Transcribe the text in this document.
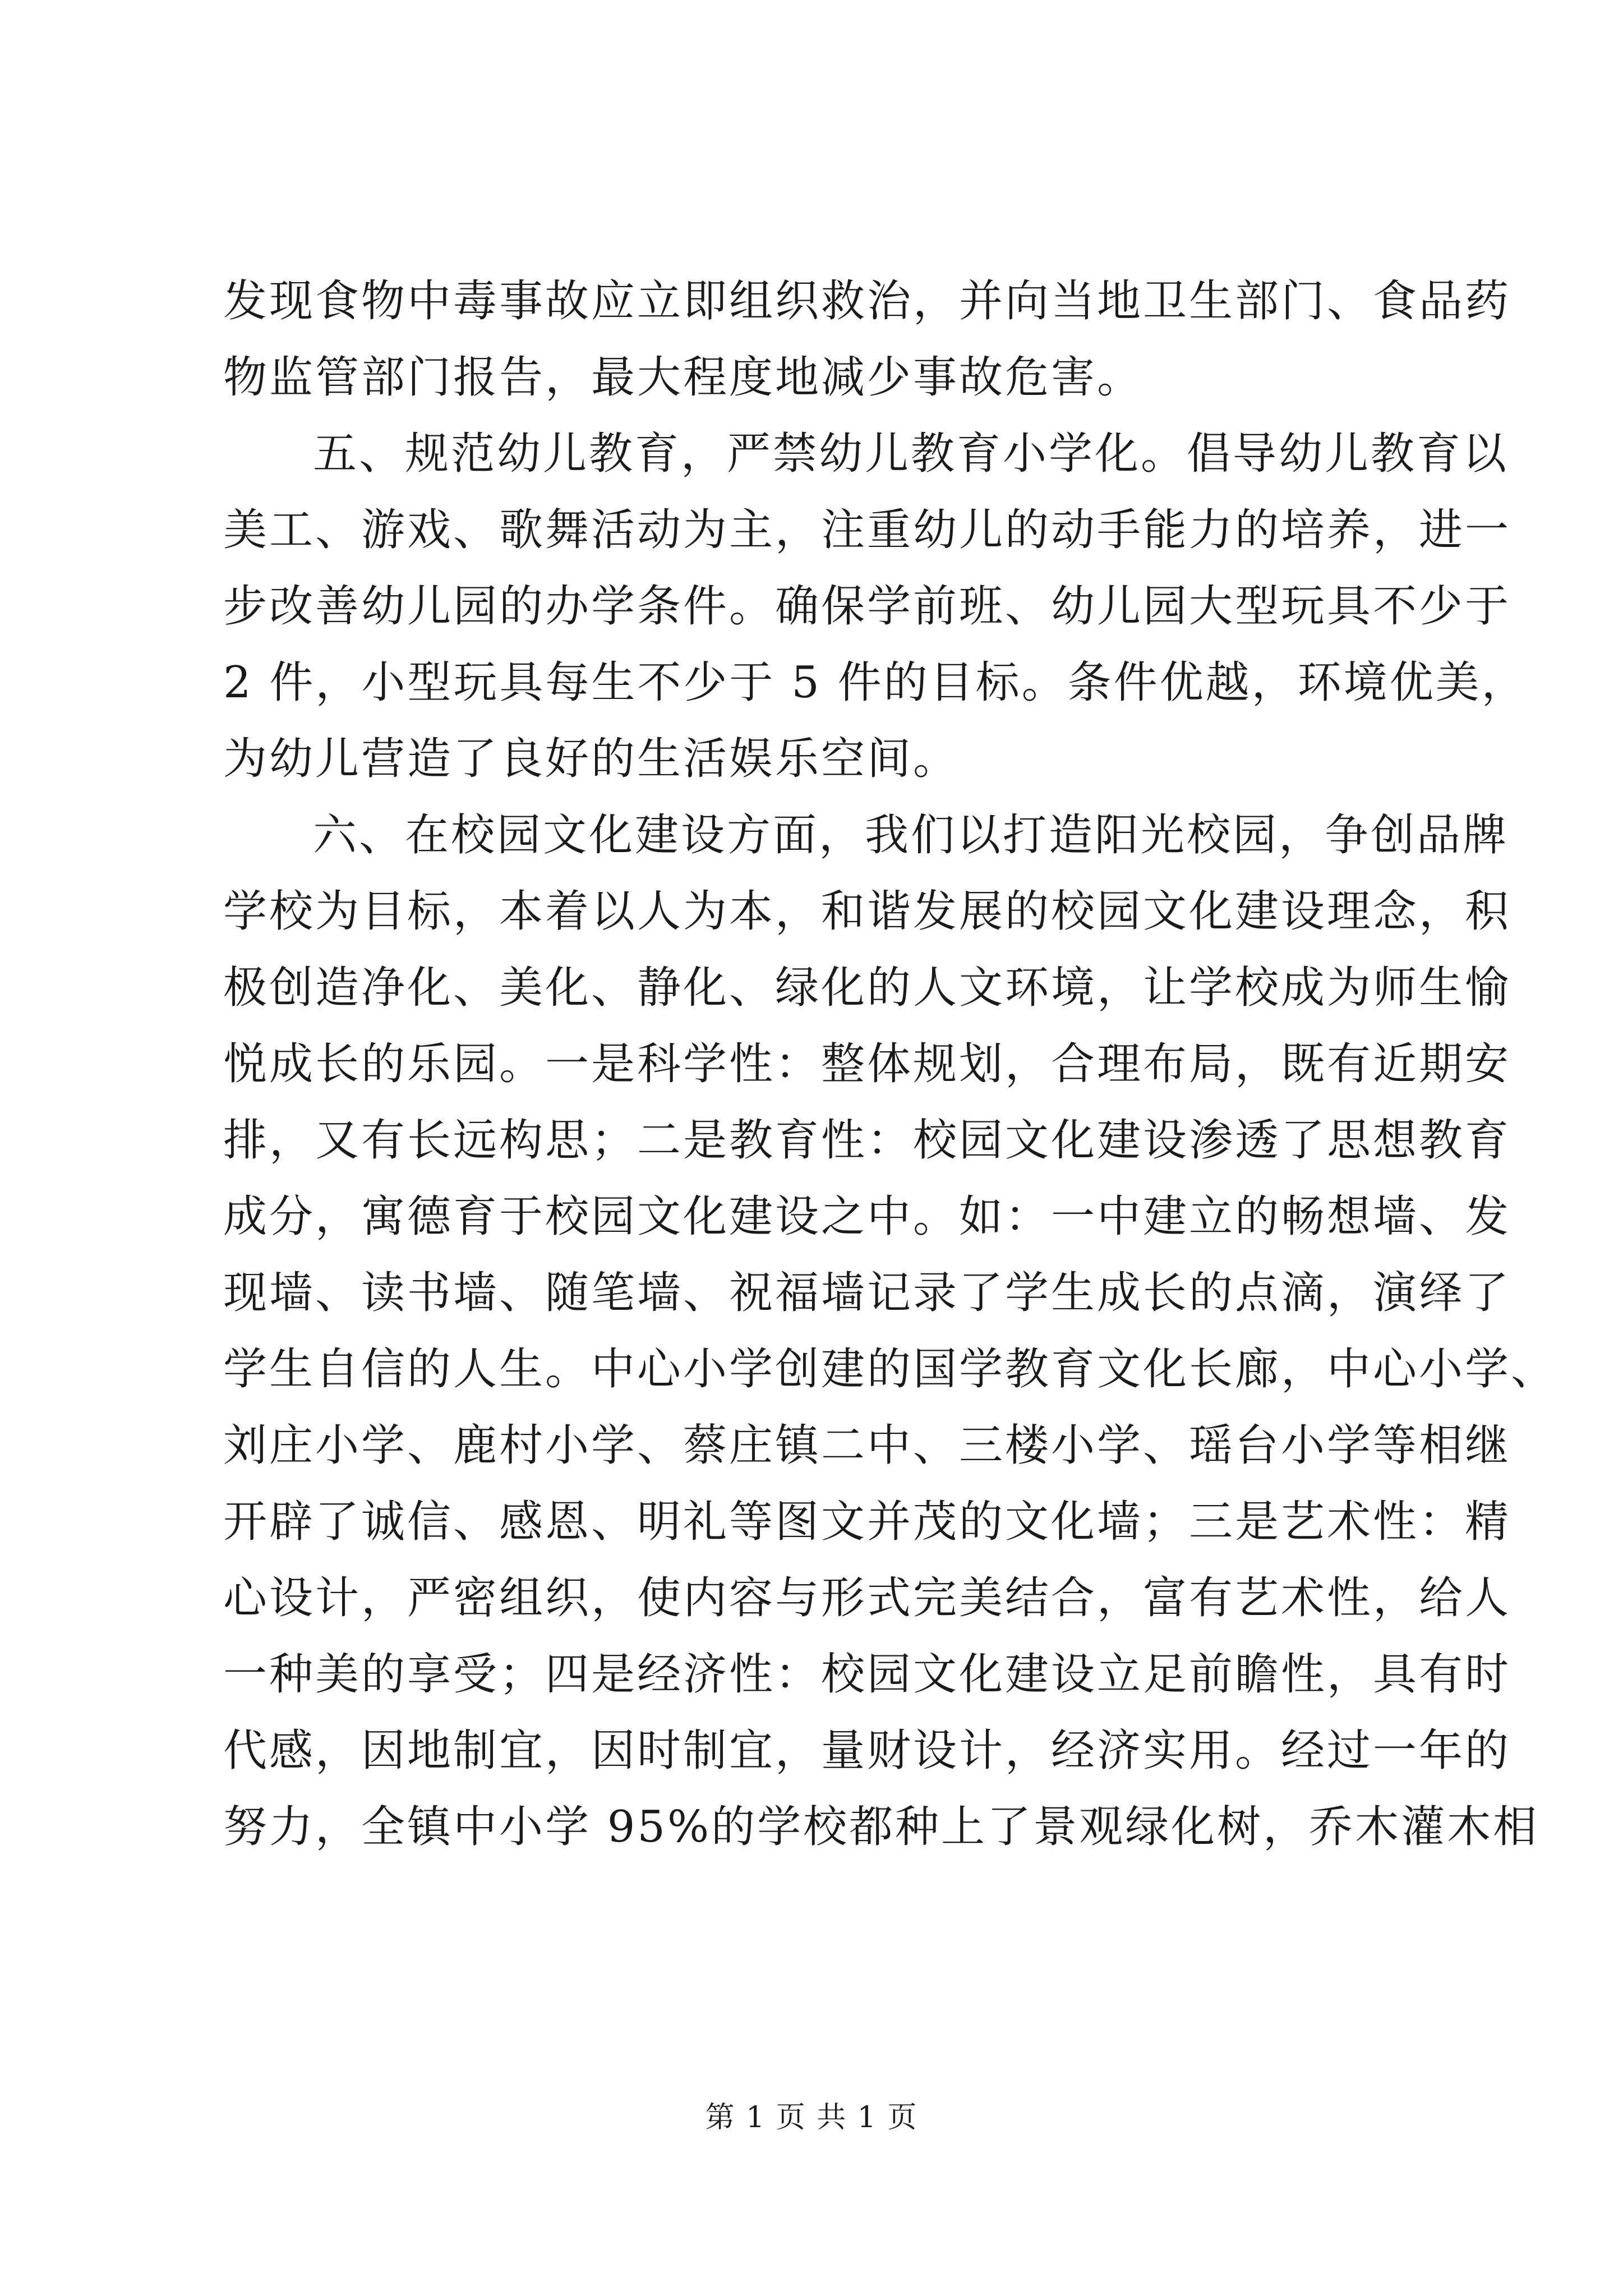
发现食物中毒事故应立即组织救治，并向当地卫生部门、食品药
物监管部门报告，最大程度地减少事故危害。
五、规范幼儿教育，严禁幼儿教育小学化。倡导幼儿教育以
美工、游戏、歌舞活动为主，注重幼儿的动手能力的培养，进一
步改善幼儿园的办学条件。确保学前班、幼儿园大型玩具不少于
2 件，小型玩具每生不少于 5 件的目标。条件优越，环境优美，
为幼儿营造了良好的生活娱乐空间。
六、在校园文化建设方面，我们以打造阳光校园，争创品牌
学校为目标，本着以人为本，和谐发展的校园文化建设理念，积
极创造净化、美化、静化、绿化的人文环境，让学校成为师生愉
悦成长的乐园。一是科学性：整体规划，合理布局，既有近期安
排，又有长远构思；二是教育性：校园文化建设渗透了思想教育
成分，寓德育于校园文化建设之中。如：一中建立的畅想墙、发
现墙、读书墙、随笔墙、祝福墙记录了学生成长的点滴，演绎了
学生自信的人生。中心小学创建的国学教育文化长廊，中心小学、
刘庄小学、鹿村小学、蔡庄镇二中、三楼小学、瑶台小学等相继
开辟了诚信、感恩、明礼等图文并茂的文化墙；三是艺术性：精
心设计，严密组织，使内容与形式完美结合，富有艺术性，给人
一种美的享受；四是经济性：校园文化建设立足前瞻性，具有时
代感，因地制宜，因时制宜，量财设计，经济实用。经过一年的
努力，全镇中小学 95%的学校都种上了景观绿化树，乔木灌木相
第 1 页 共 1 页
